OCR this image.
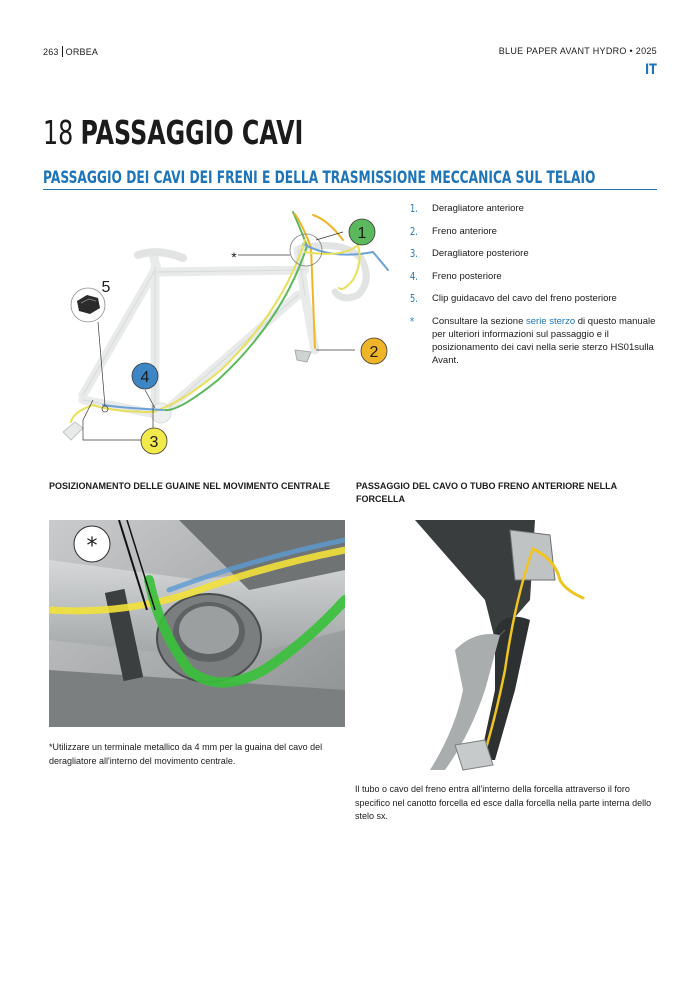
263 ORBEA	BLUE PAPER AVANT HYDRO • 2025
IT
18 PASSAGGIO CAVI
PASSAGGIO DEI CAVI DEI FRENI E DELLA TRASMISSIONE MECCANICA SUL TELAIO
1
2
3
4
5
*
1.	Deragliatore anteriore
2.	Freno anteriore
3.	Deragliatore posteriore
4.	Freno posteriore
5.	Clip guidacavo del cavo del freno posteriore
*	Consultare la sezione serie sterzo di questo manuale per ulteriori informazioni sul passaggio e il posizionamento dei cavi nella serie sterzo HS01sulla Avant.
POSIZIONAMENTO DELLE GUAINE NEL MOVIMENTO CENTRALE	PASSAGGIO DEL CAVO O TUBO FRENO ANTERIORE NELLA FORCELLA
*
*Utilizzare un terminale metallico da 4 mm per la guaina del cavo del deragliatore all'interno del movimento centrale.
Il tubo o cavo del freno entra all'interno della forcella attraverso il foro specifico nel canotto forcella ed esce dalla forcella nella parte interna dello stelo sx.
